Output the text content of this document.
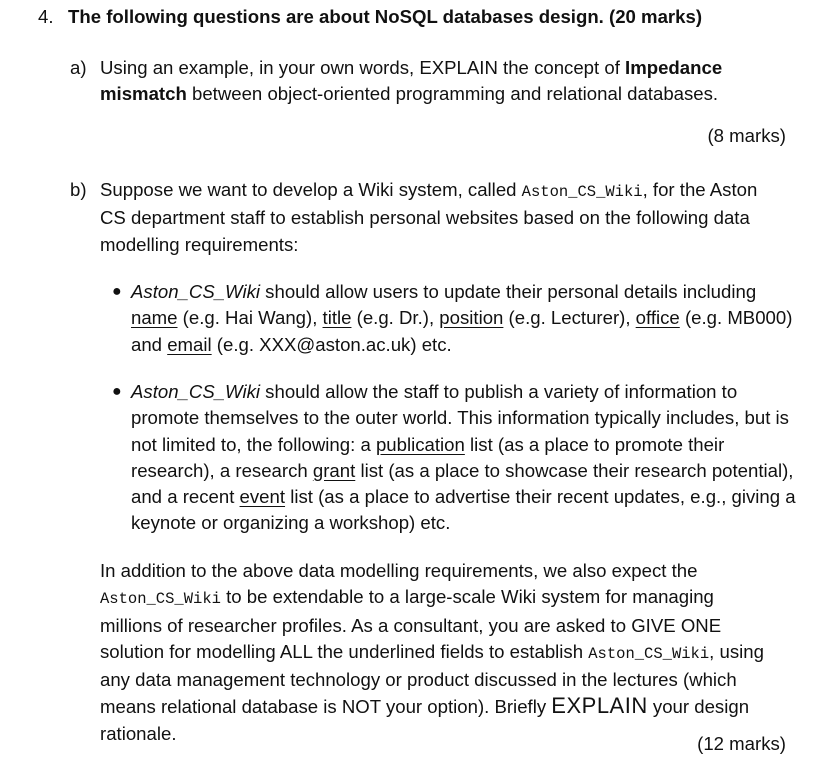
4. The following questions are about NoSQL databases design. (20 marks)
a) Using an example, in your own words, EXPLAIN the concept of Impedance mismatch between object-oriented programming and relational databases.
(8 marks)
b) Suppose we want to develop a Wiki system, called Aston_CS_Wiki, for the Aston CS department staff to establish personal websites based on the following data modelling requirements:
● Aston_CS_Wiki should allow users to update their personal details including name (e.g. Hai Wang), title (e.g. Dr.), position (e.g. Lecturer), office (e.g. MB000) and email (e.g. XXX@aston.ac.uk) etc.
● Aston_CS_Wiki should allow the staff to publish a variety of information to promote themselves to the outer world. This information typically includes, but is not limited to, the following: a publication list (as a place to promote their research), a research grant list (as a place to showcase their research potential), and a recent event list (as a place to advertise their recent updates, e.g., giving a keynote or organizing a workshop) etc.
In addition to the above data modelling requirements, we also expect the Aston_CS_Wiki to be extendable to a large-scale Wiki system for managing millions of researcher profiles. As a consultant, you are asked to GIVE ONE solution for modelling ALL the underlined fields to establish Aston_CS_Wiki, using any data management technology or product discussed in the lectures (which means relational database is NOT your option). Briefly EXPLAIN your design rationale.	(12 marks)
